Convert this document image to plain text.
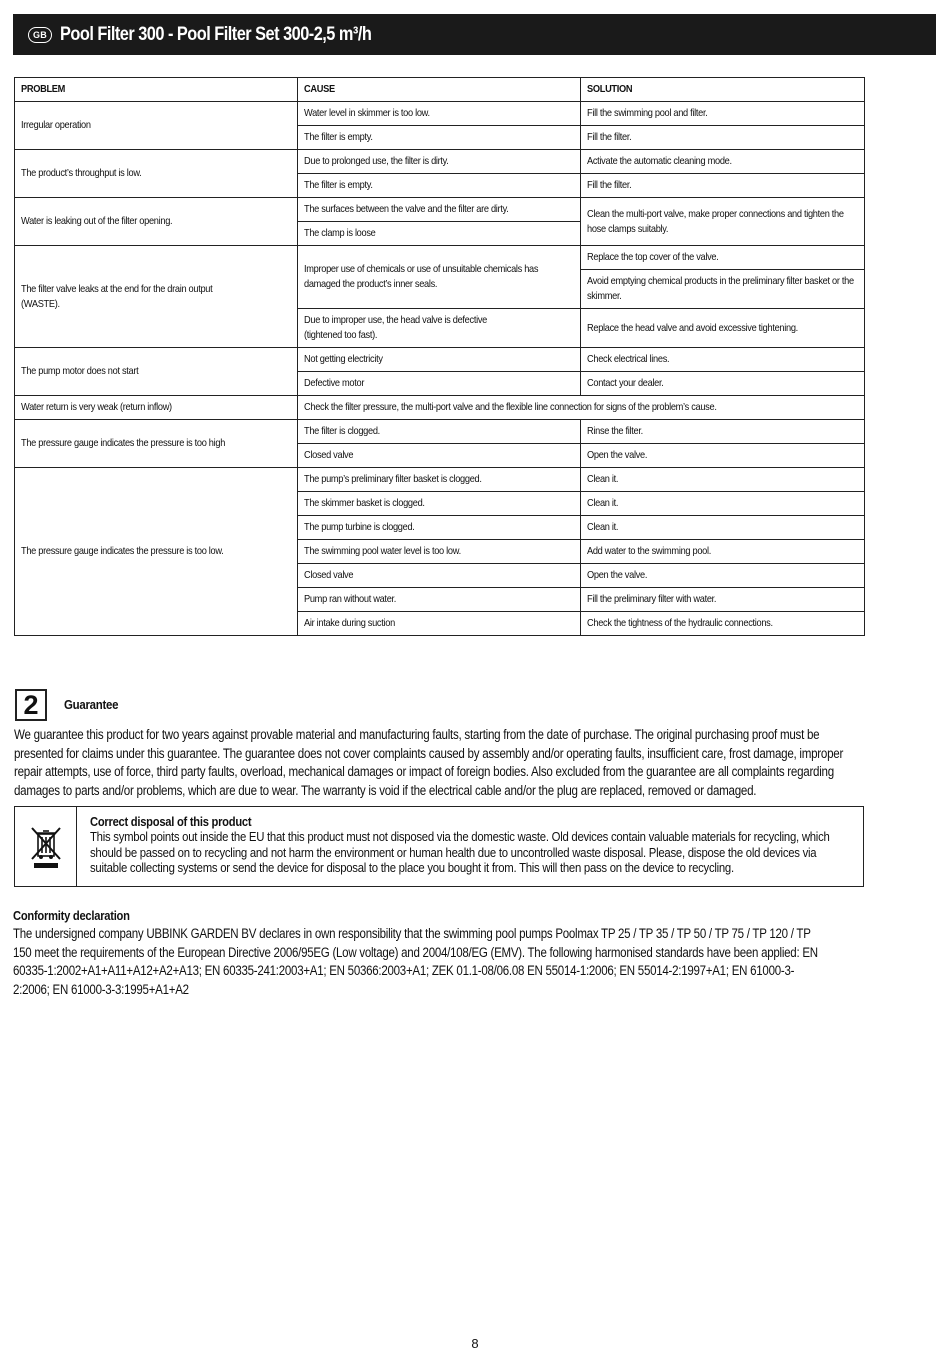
GB Pool Filter 300 - Pool Filter Set 300-2,5 m³/h
PROBLEM	CAUSE	SOLUTION
Irregular operation	Water level in skimmer is too low.	Fill the swimming pool and filter.
	The filter is empty.	Fill the filter.
The product’s throughput is low.	Due to prolonged use, the filter is dirty.	Activate the automatic cleaning mode.
	The filter is empty.	Fill the filter.
Water is leaking out of the filter opening.	The surfaces between the valve and the filter are dirty.	Clean the multi-port valve, make proper connections and tighten the hose clamps suitably.
	The clamp is loose	
The filter valve leaks at the end for the drain output (WASTE).	Improper use of chemicals or use of unsuitable chemicals has damaged the product’s inner seals.	Replace the top cover of the valve.
		Avoid emptying chemical products in the preliminary filter basket or the skimmer.
	Due to improper use, the head valve is defective (tightened too fast).	Replace the head valve and avoid excessive tightening.
The pump motor does not start	Not getting electricity	Check electrical lines.
	Defective motor	Contact your dealer.
Water return is very weak (return inflow)	Check the filter pressure, the multi-port valve and the flexible line connection for signs of the problem’s cause.	
The pressure gauge indicates the pressure is too high	The filter is clogged.	Rinse the filter.
	Closed valve	Open the valve.
The pressure gauge indicates the pressure is too low.	The pump’s preliminary filter basket is clogged.	Clean it.
	The skimmer basket is clogged.	Clean it.
	The pump turbine is clogged.	Clean it.
	The swimming pool water level is too low.	Add water to the swimming pool.
	Closed valve	Open the valve.
	Pump ran without water.	Fill the preliminary filter with water.
	Air intake during suction	Check the tightness of the hydraulic connections.
2	Guarantee
We guarantee this product for two years against provable material and manufacturing faults, starting from the date of purchase. The original purchasing proof must be presented for claims under this guarantee. The guarantee does not cover complaints caused by assembly and/or operating faults, insufficient care, frost damage, improper repair attempts, use of force, third party faults, overload, mechanical damages or impact of foreign bodies. Also excluded from the guarantee are all complaints regarding damages to parts and/or problems, which are due to wear. The warranty is void if the electrical cable and/or the plug are replaced, removed or damaged.
Correct disposal of this product
This symbol points out inside the EU that this product must not disposed via the domestic waste. Old devices contain valuable materials for recycling, which should be passed on to recycling and not harm the environment or human health due to uncontrolled waste disposal. Please, dispose the old devices via suitable collecting systems or send the device for disposal to the place you bought it from. This will then pass on the device to recycling.
Conformity declaration
The undersigned company UBBINK GARDEN BV declares in own responsibility that the swimming pool pumps Poolmax TP 25 / TP 35 / TP 50 / TP 75 / TP 120 / TP 150 meet the requirements of the European Directive 2006/95EG (Low voltage) and 2004/108/EG (EMV). The following harmonised standards have been applied: EN 60335-1:2002+A1+A11+A12+A2+A13; EN 60335-241:2003+A1; EN 50366:2003+A1; ZEK 01.1-08/06.08 EN 55014-1:2006; EN 55014-2:1997+A1; EN 61000-3-2:2006; EN 61000-3-3:1995+A1+A2
8
